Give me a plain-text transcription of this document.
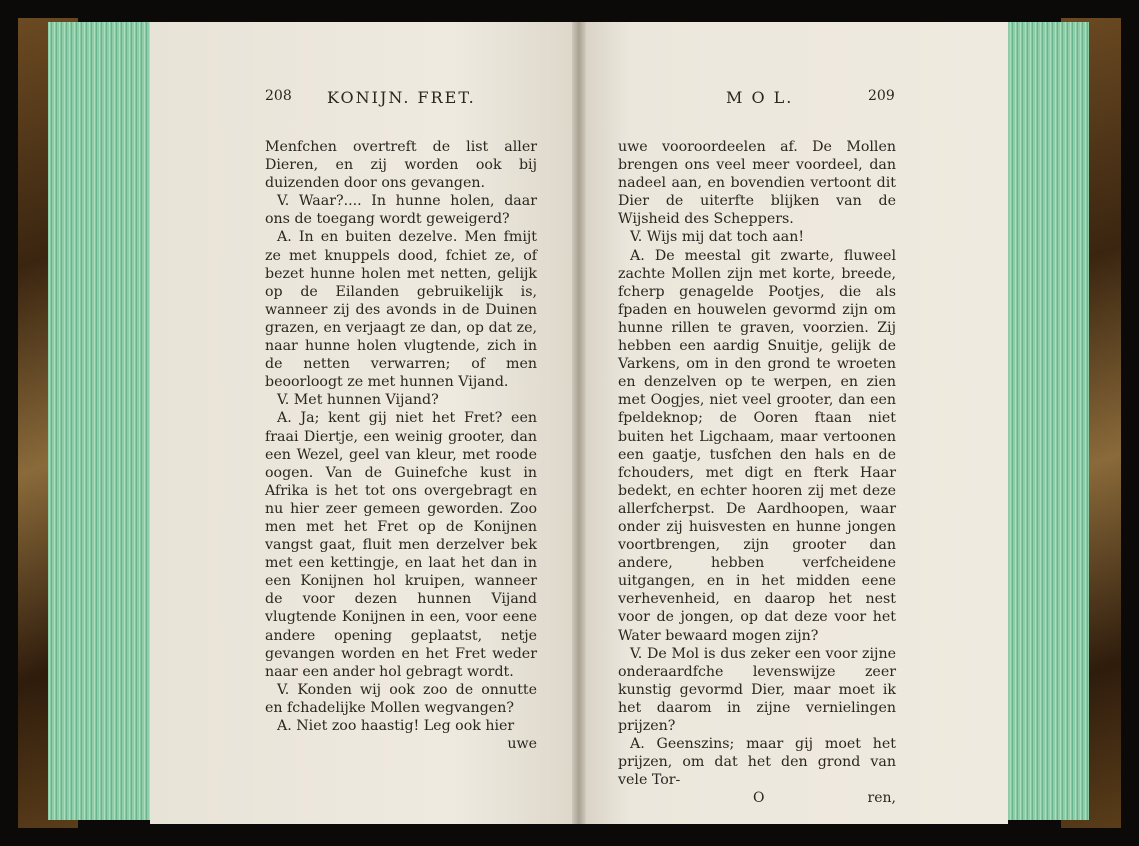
208 KONIJN. FRET.

Menfchen overtreft de list aller Dieren, en zij worden ook bij duizenden door ons gevangen.

V. Waar?.... In hunne holen, daar ons de toegang wordt geweigerd?

A. In en buiten dezelve. Men fmijt ze met knuppels dood, fchiet ze, of bezet hunne holen met netten, gelijk op de Eilanden gebruikelijk is, wanneer zij des avonds in de Duinen grazen, en verjaagt ze dan, op dat ze, naar hunne holen vlugtende, zich in de netten verwarren; of men beoorloogt ze met hunnen Vijand.

V. Met hunnen Vijand?

A. Ja; kent gij niet het Fret? een fraai Diertje, een weinig grooter, dan een Wezel, geel van kleur, met roode oogen. Van de Guinefche kust in Afrika is het tot ons overgebragt en nu hier zeer gemeen geworden. Zoo men met het Fret op de Konijnen vangst gaat, fluit men derzelver bek met een kettingje, en laat het dan in een Konijnen hol kruipen, wanneer de voor dezen hunnen Vijand vlugtende Konijnen in een, voor eene andere opening geplaatst, netje gevangen worden en het Fret weder naar een ander hol gebragt wordt.

V. Konden wij ook zoo de onnutte en fchadelijke Mollen wegvangen?

A. Niet zoo haastig! Leg ook hier

uwe
M O L.	209

uwe vooroordeelen af. De Mollen brengen ons veel meer voordeel, dan nadeel aan, en bovendien vertoont dit Dier de uiterfte blijken van de Wijsheid des Scheppers.

V. Wijs mij dat toch aan!

A. De meestal git zwarte, fluweel zachte Mollen zijn met korte, breede, fcherp genagelde Pootjes, die als fpaden en houwelen gevormd zijn om hunne rillen te graven, voorzien. Zij hebben een aardig Snuitje, gelijk de Varkens, om in den grond te wroeten en denzelven op te werpen, en zien met Oogjes, niet veel grooter, dan een fpeldeknop; de Ooren ftaan niet buiten het Ligchaam, maar vertoonen een gaatje, tusfchen den hals en de fchouders, met digt en fterk Haar bedekt, en echter hooren zij met deze allerfcherpst. De Aardhoopen, waar onder zij huisvesten en hunne jongen voortbrengen, zijn grooter dan andere, hebben verfcheidene uitgangen, en in het midden eene verhevenheid, en daarop het nest voor de jongen, op dat deze voor het Water bewaard mogen zijn?

V. De Mol is dus zeker een voor zijne onderaardfche levenswijze zeer kunstig gevormd Dier, maar moet ik het daarom in zijne vernielingen prijzen?

A. Geenszins; maar gij moet het prijzen, om dat het den grond van vele Tor-

O	ren,
